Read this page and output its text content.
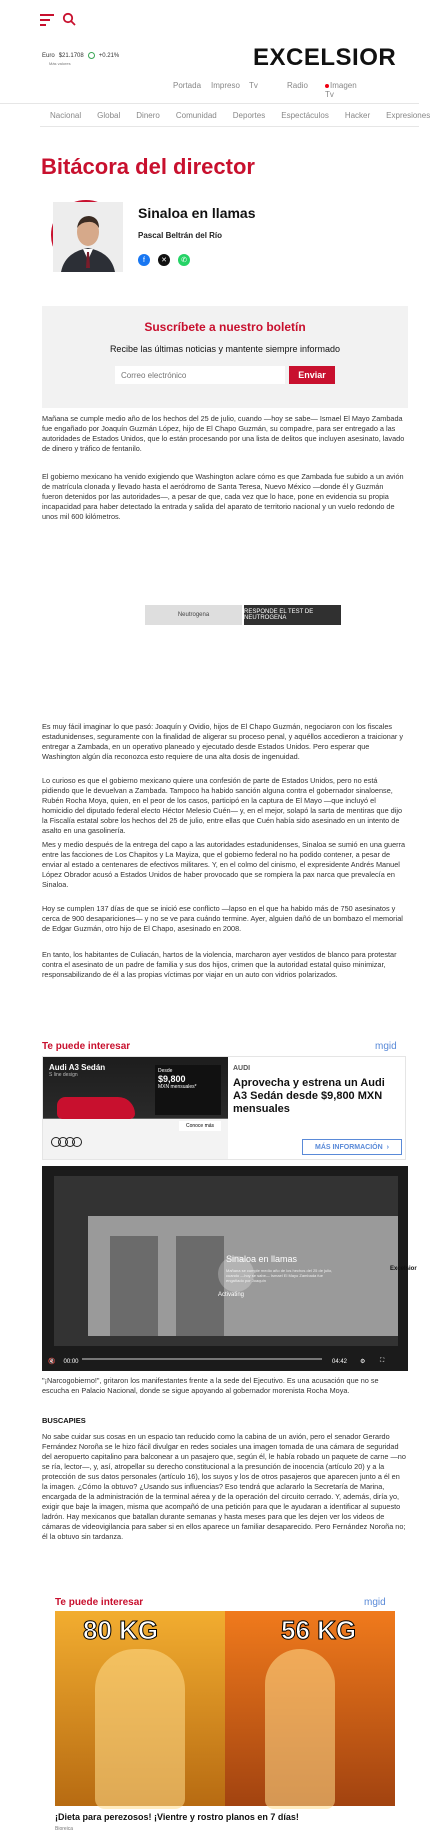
Euro $21.1708	+0.21%
Más valores	EXCELSIOR
Portada	Impreso	Tv	Radio	Imagen Tv
Nacional Global Dinero Comunidad Deportes Espectáculos Hacker Expresiones
Bitácora del director
Sinaloa en llamas
Pascal Beltrán del Río
f	✕	✆
Suscríbete a nuestro boletín
Recibe las últimas noticias y mantente siempre informado
Correo electrónico
Enviar
Mañana se cumple medio año de los hechos del 25 de julio, cuando —hoy se sabe— Ismael El Mayo Zambada fue engañado por Joaquín Guzmán López, hijo de El Chapo Guzmán, su compadre, para ser entregado a las autoridades de Estados Unidos, que lo están procesando por una lista de delitos que incluyen asesinato, lavado de dinero y tráfico de fentanilo.
El gobierno mexicano ha venido exigiendo que Washington aclare cómo es que Zambada fue subido a un avión de matrícula clonada y llevado hasta el aeródromo de Santa Teresa, Nuevo México —donde él y Guzmán fueron detenidos por las autoridades—, a pesar de que, cada vez que lo hace, pone en evidencia su propia incapacidad para haber detectado la entrada y salida del aparato de territorio nacional y un vuelo redondo de unos mil 600 kilómetros.
Neutrogena	RESPONDE EL TEST DE NEUTROGENA
Es muy fácil imaginar lo que pasó: Joaquín y Ovidio, hijos de El Chapo Guzmán, negociaron con los fiscales estadunidenses, seguramente con la finalidad de aligerar su proceso penal, y aquéllos accedieron a traicionar y entregar a Zambada, en un operativo planeado y ejecutado desde Estados Unidos. Pero esperar que Washington algún día reconozca esto requiere de una alta dosis de ingenuidad.
Lo curioso es que el gobierno mexicano quiere una confesión de parte de Estados Unidos, pero no está pidiendo que le devuelvan a Zambada. Tampoco ha habido sanción alguna contra el gobernador sinaloense, Rubén Rocha Moya, quien, en el peor de los casos, participó en la captura de El Mayo —que incluyó el homicidio del diputado federal electo Héctor Melesio Cuén— y, en el mejor, solapó la sarta de mentiras que dijo la Fiscalía estatal sobre los hechos del 25 de julio, entre ellas que Cuén había sido asesinado en un intento de asalto en una gasolinería.
Mes y medio después de la entrega del capo a las autoridades estadunidenses, Sinaloa se sumió en una guerra entre las facciones de Los Chapitos y La Mayiza, que el gobierno federal no ha podido contener, a pesar de enviar al estado a centenares de efectivos militares. Y, en el colmo del cinismo, el expresidente Andrés Manuel López Obrador acusó a Estados Unidos de haber provocado que se rompiera la pax narca que prevalecía en Sinaloa.
Hoy se cumplen 137 días de que se inició ese conflicto —lapso en el que ha habido más de 750 asesinatos y cerca de 900 desapariciones— y no se ve para cuándo termine. Ayer, alguien dañó de un bombazo el memorial de Edgar Guzmán, otro hijo de El Chapo, asesinado en 2008.
En tanto, los habitantes de Culiacán, hartos de la violencia, marcharon ayer vestidos de blanco para protestar contra el asesinato de un padre de familia y sus dos hijos, crimen que la autoridad estatal quiso minimizar, responsabilizando de él a las propias víctimas por viajar en un auto con vidrios polarizados.
Te puede interesar	mgid
Audi A3 Sedán
S line design
Desde
$9,800
MXN mensuales*
Conoce más
AUDI
Aprovecha y estrena un Audi A3 Sedán desde $9,800 MXN mensuales
MÁS INFORMACIÓN ›
Excelsior
Sinaloa en llamas
Mañana se cumple medio año de los hechos del 25 de julio, cuando —hoy se sabe— Ismael El Mayo Zambada fue engañado por Joaquín
Activating
🔇 00:00	04:42 ⚙ ⛶
"¡Narcogobierno!", gritaron los manifestantes frente a la sede del Ejecutivo. Es una acusación que no se escucha en Palacio Nacional, donde se sigue apoyando al gobernador morenista Rocha Moya.
BUSCAPIES
No sabe cuidar sus cosas en un espacio tan reducido como la cabina de un avión, pero el senador Gerardo Fernández Noroña se le hizo fácil divulgar en redes sociales una imagen tomada de una cámara de seguridad del aeropuerto capitalino para balconear a un pasajero que, según él, le había robado un paquete de carne —no se ría, lector—, y, así, atropellar su derecho constitucional a la presunción de inocencia (artículo 20) y a la protección de sus datos personales (artículo 16), los suyos y los de otros pasajeros que aparecen junto a él en la imagen. ¿Cómo la obtuvo? ¿Usando sus influencias? Eso tendrá que aclararlo la Secretaría de Marina, encargada de la administración de la terminal aérea y de la operación del circuito cerrado. Y, además, diría yo, exigir que baje la imagen, misma que acompañó de una petición para que le ayudaran a identificar al supuesto ladrón. Hay mexicanos que batallan durante semanas y hasta meses para que les dejen ver los videos de cámaras de videovigilancia para saber si en ellos aparece un familiar desaparecido. Pero Fernández Noroña no; él la obtuvo sin tardanza.
Te puede interesar	mgid
80 KG	56 KG
¡Dieta para perezosos! ¡Vientre y rostro planos en 7 días!
Bioreica
